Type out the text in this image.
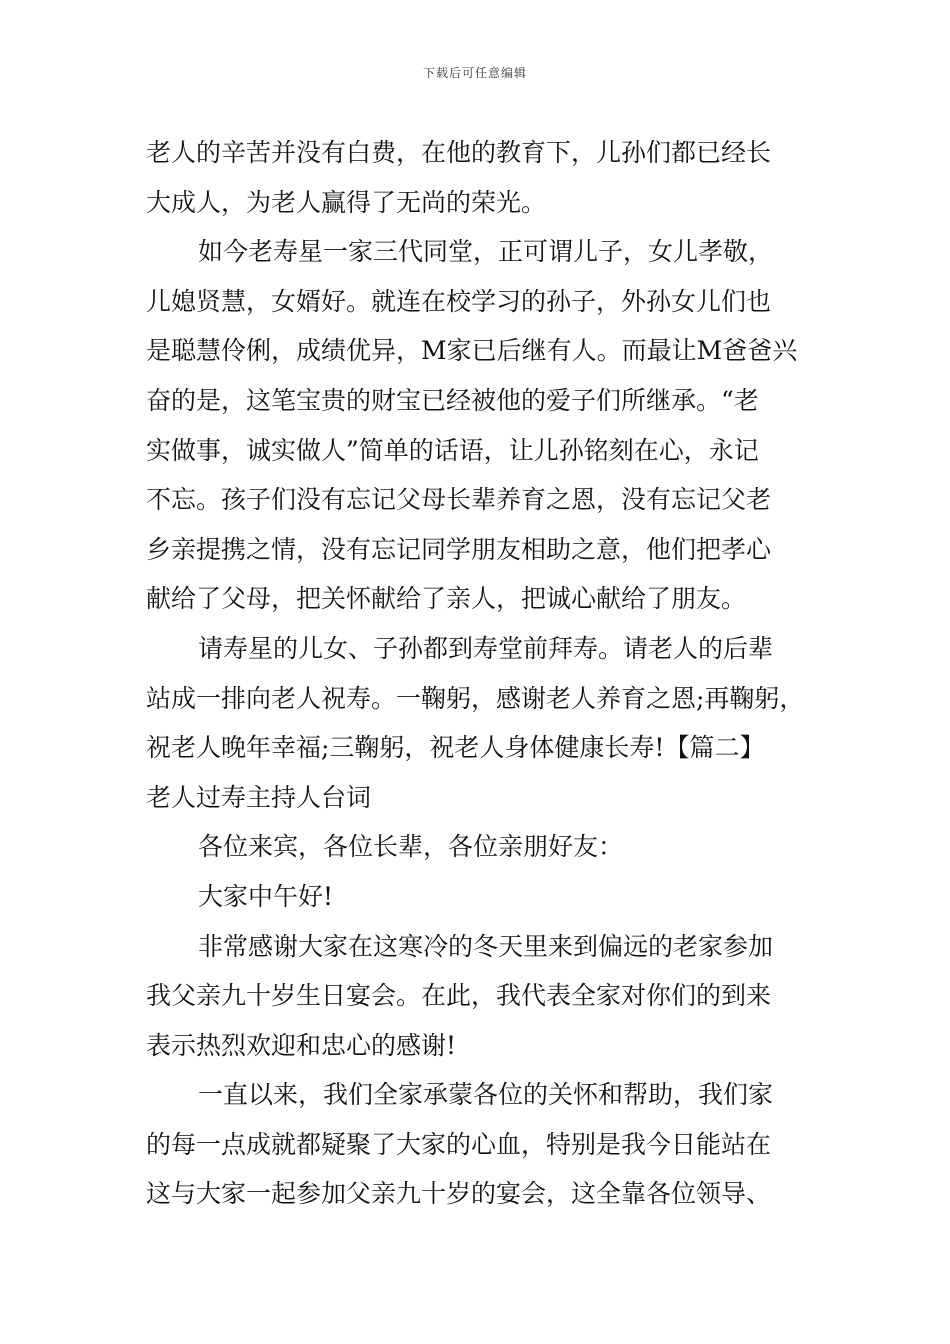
下载后可任意编辑
老人的辛苦并没有白费，在他的教育下，儿孙们都已经长
大成人，为老人赢得了无尚的荣光。
如今老寿星一家三代同堂，正可谓儿子，女儿孝敬，
儿媳贤慧，女婿好。就连在校学习的孙子，外孙女儿们也
是聪慧伶俐，成绩优异，M家已后继有人。而最让M爸爸兴
奋的是，这笔宝贵的财宝已经被他的爱子们所继承。“老
实做事，诚实做人”简单的话语，让儿孙铭刻在心，永记
不忘。孩子们没有忘记父母长辈养育之恩，没有忘记父老
乡亲提携之情，没有忘记同学朋友相助之意，他们把孝心
献给了父母，把关怀献给了亲人，把诚心献给了朋友。
请寿星的儿女、子孙都到寿堂前拜寿。请老人的后辈
站成一排向老人祝寿。一鞠躬，感谢老人养育之恩;再鞠躬，
祝老人晚年幸福;三鞠躬，祝老人身体健康长寿!【篇二】
老人过寿主持人台词
各位来宾，各位长辈，各位亲朋好友：
大家中午好!
非常感谢大家在这寒冷的冬天里来到偏远的老家参加
我父亲九十岁生日宴会。在此，我代表全家对你们的到来
表示热烈欢迎和忠心的感谢!
一直以来，我们全家承蒙各位的关怀和帮助，我们家
的每一点成就都疑聚了大家的心血，特别是我今日能站在
这与大家一起参加父亲九十岁的宴会，这全靠各位领导、
